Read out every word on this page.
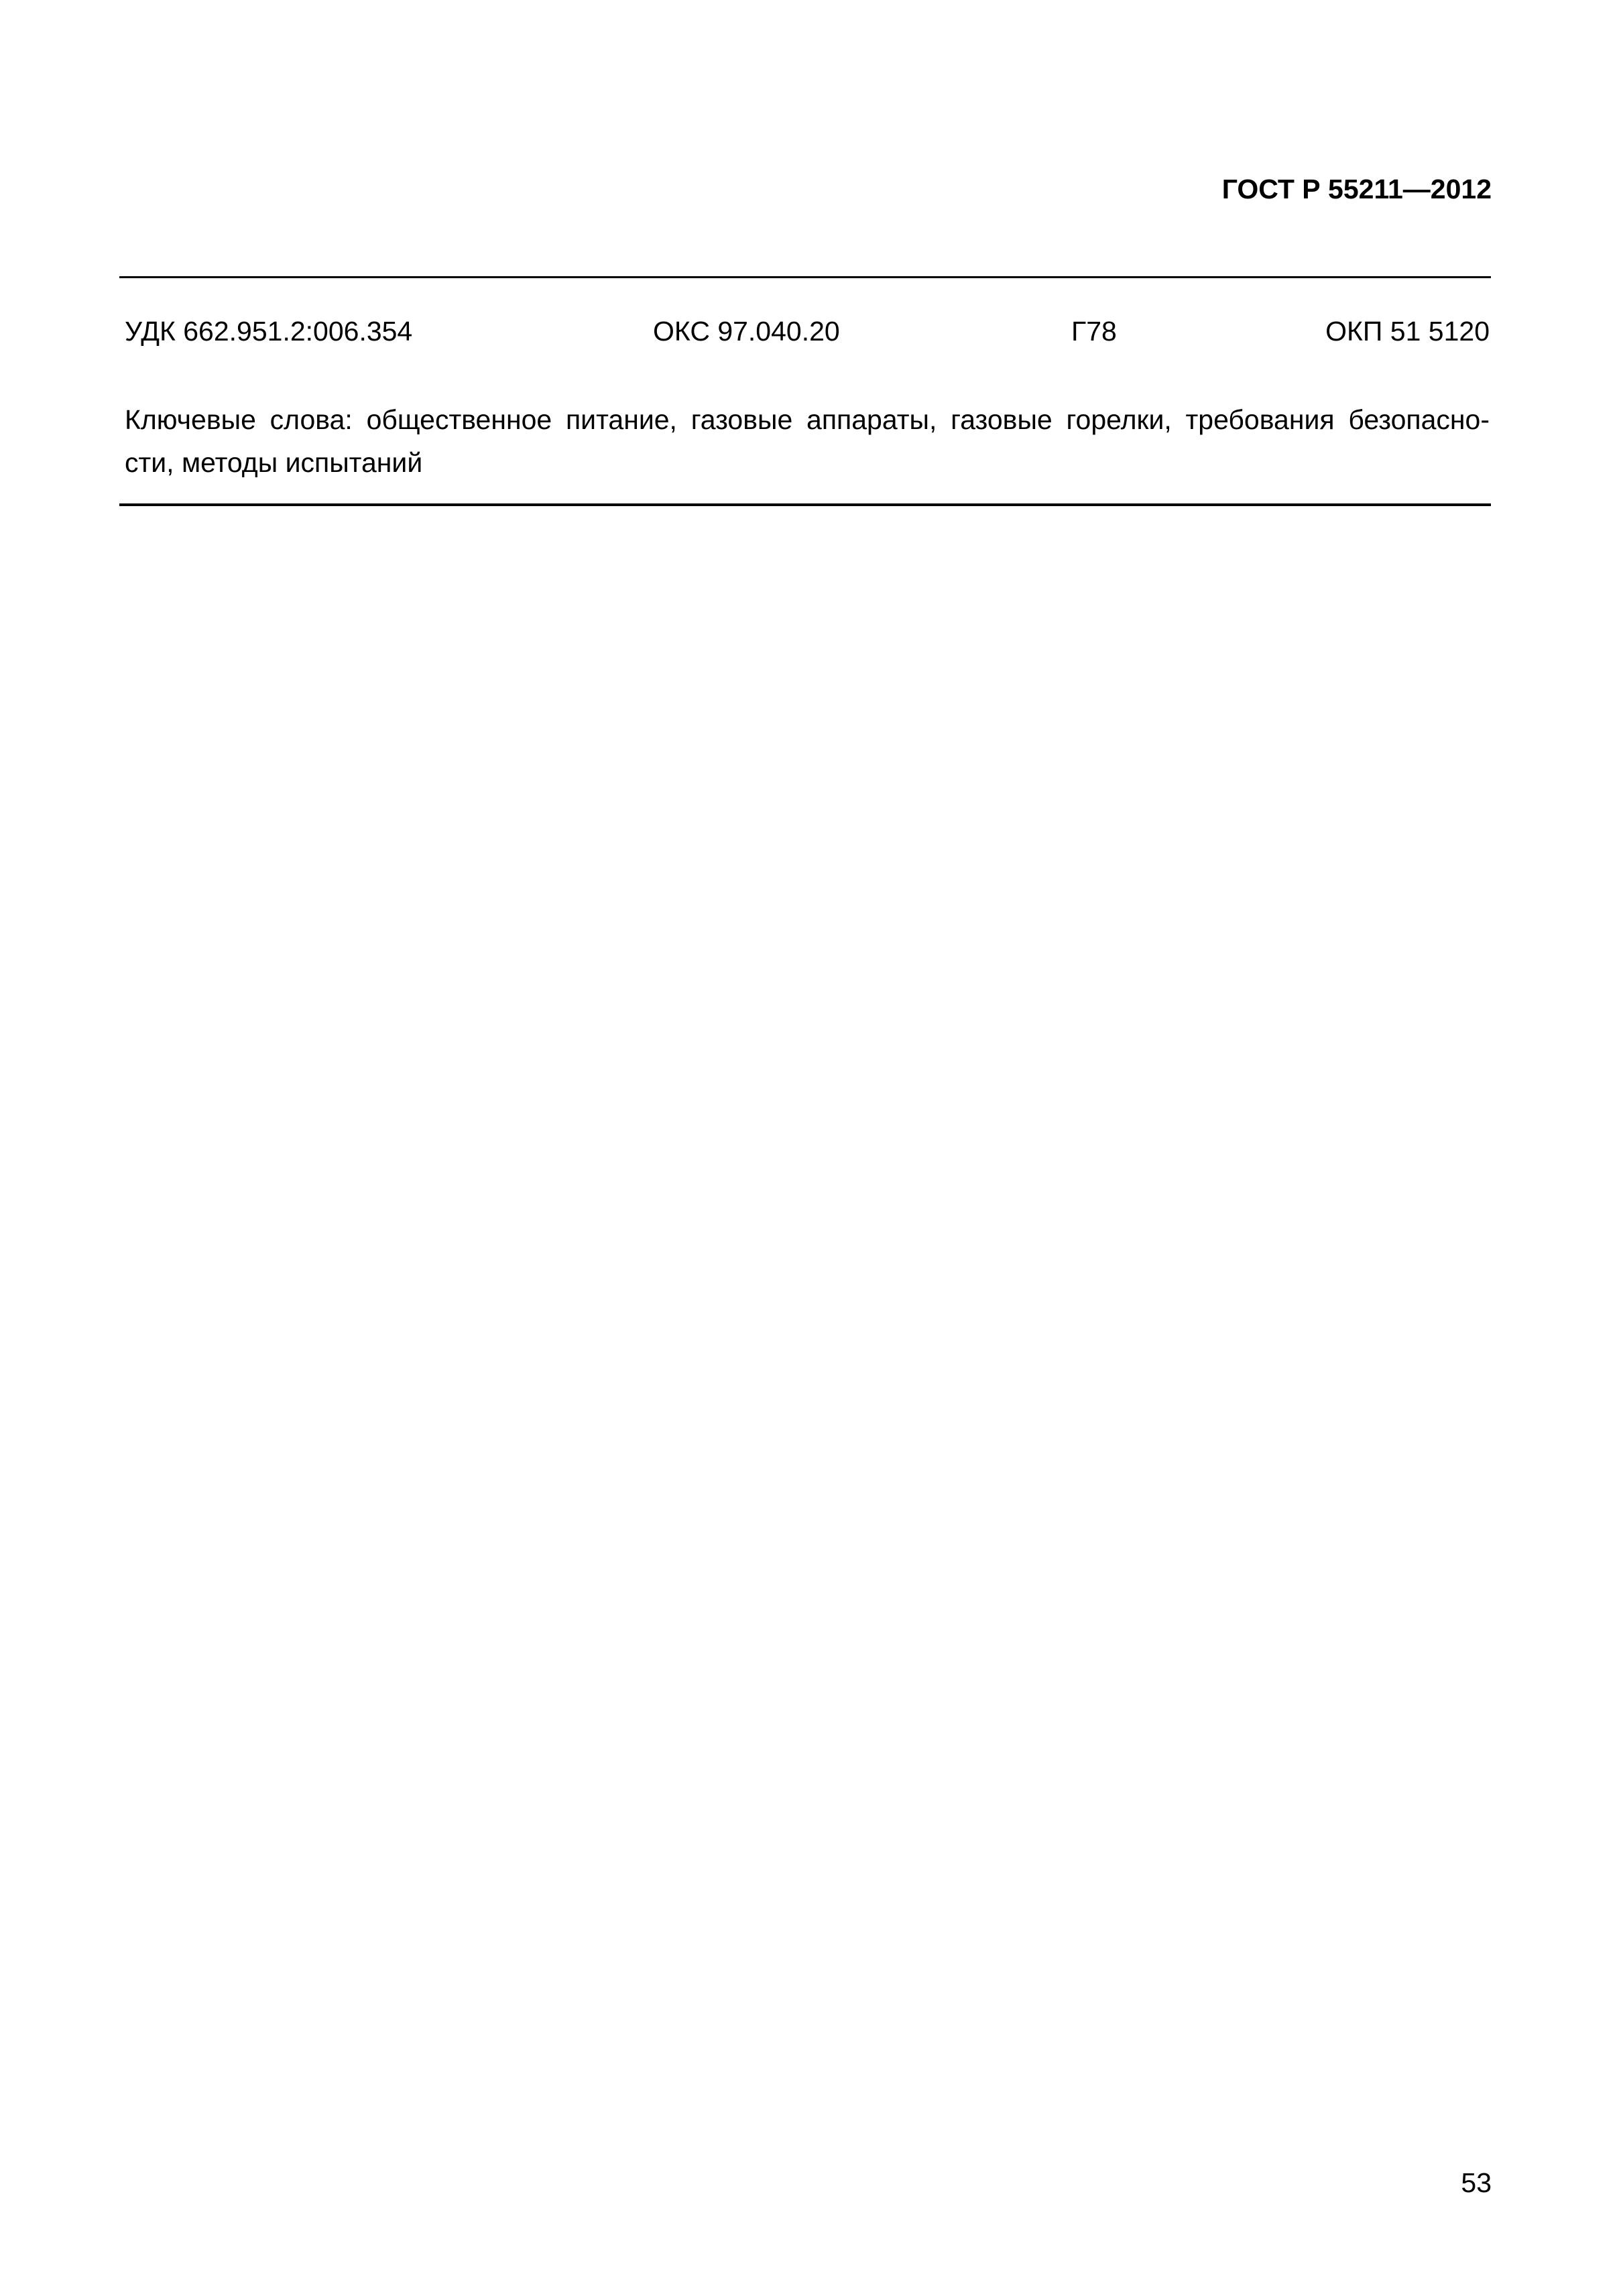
ГОСТ Р 55211—2012
УДК 662.951.2:006.354	ОКС 97.040.20	Г78	ОКП 51 5120
Ключевые слова: общественное питание, газовые аппараты, газовые горелки, требования безопасно-
сти, методы испытаний
53
